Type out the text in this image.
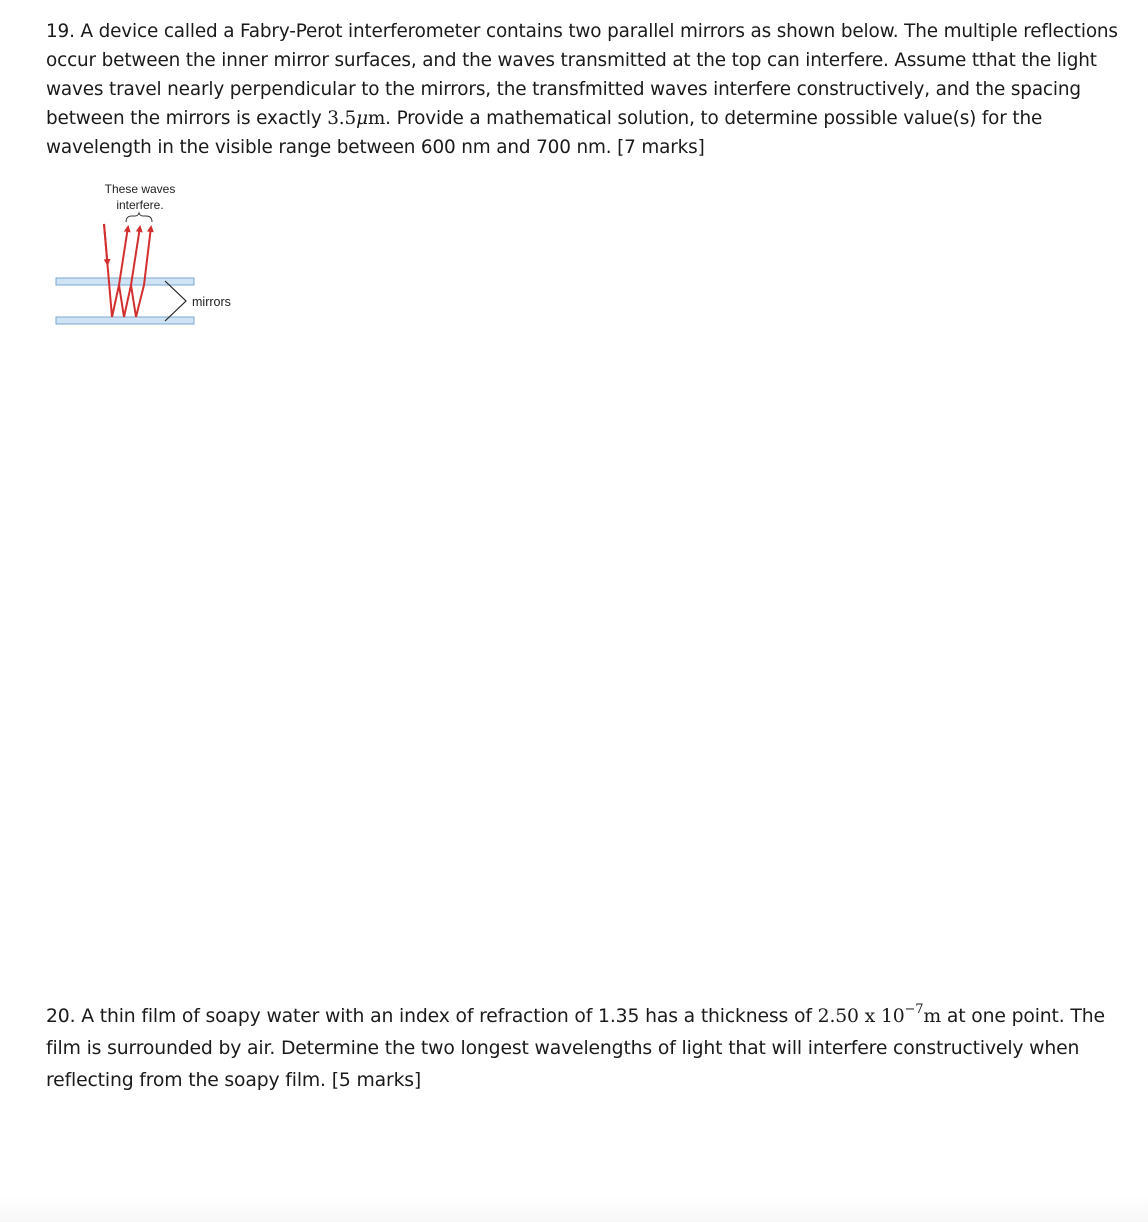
19. A device called a Fabry-Perot interferometer contains two parallel mirrors as shown below. The multiple reflections occur between the inner mirror surfaces, and the waves transmitted at the top can interfere. Assume tthat the light waves travel nearly perpendicular to the mirrors, the transfmitted waves interfere constructively, and the spacing between the mirrors is exactly 3.5μm. Provide a mathematical solution, to determine possible value(s) for the wavelength in the visible range between 600 nm and 700 nm. [7 marks]
These waves
interfere.
mirrors
20. A thin film of soapy water with an index of refraction of 1.35 has a thickness of 2.50 x $10^{-7}m$ at one point. The film is surrounded by air. Determine the two longest wavelengths of light that will interfere constructively when reflecting from the soapy film. [5 marks]
